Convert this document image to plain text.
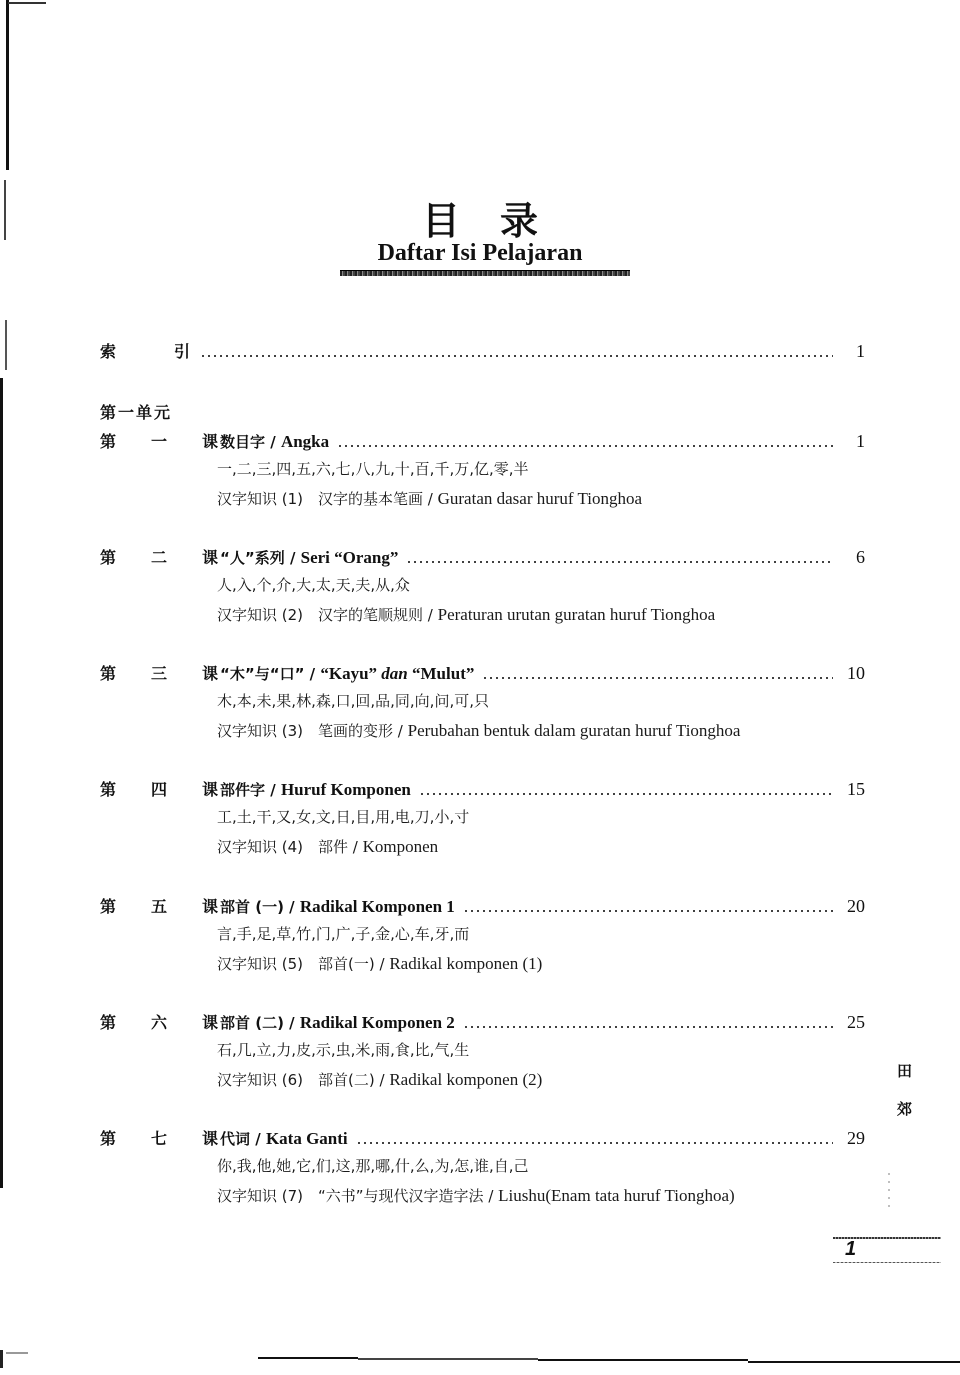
目录
Daftar Isi Pelajaran
索	引	1
第一单元
第 一 课 数目字 / Angka	1
一,二,三,四,五,六,七,八,九,十,百,千,万,亿,零,半
汉字知识 (1)　汉字的基本笔画 / Guratan dasar huruf Tionghoa
第 二 课 “人”系列 / Seri “Orang”	6
人,入,个,介,大,太,天,夫,从,众
汉字知识 (2)　汉字的笔顺规则 / Peraturan urutan guratan huruf Tionghoa
第 三 课 “木”与“口” / “Kayu” dan “Mulut”	10
木,本,未,果,林,森,口,回,品,同,向,问,可,只
汉字知识 (3)　笔画的变形 / Perubahan bentuk dalam guratan huruf Tionghoa
第 四 课 部件字 / Huruf Komponen	15
工,土,干,又,女,文,日,目,用,电,刀,小,寸
汉字知识 (4)　部件 / Komponen
第 五 课 部首 (一) / Radikal Komponen 1	20
言,手,足,草,竹,门,广,子,金,心,车,牙,而
汉字知识 (5)　部首(一) / Radikal komponen (1)
第 六 课 部首 (二) / Radikal Komponen 2	25
石,几,立,力,皮,示,虫,米,雨,食,比,气,生
汉字知识 (6)　部首(二) / Radikal komponen (2)
第 七 课 代词 / Kata Ganti	29
你,我,他,她,它,们,这,那,哪,什,么,为,怎,谁,自,己
汉字知识 (7)　“六书”与现代汉字造字法 / Liushu(Enam tata huruf Tionghoa)
田
郊
1
